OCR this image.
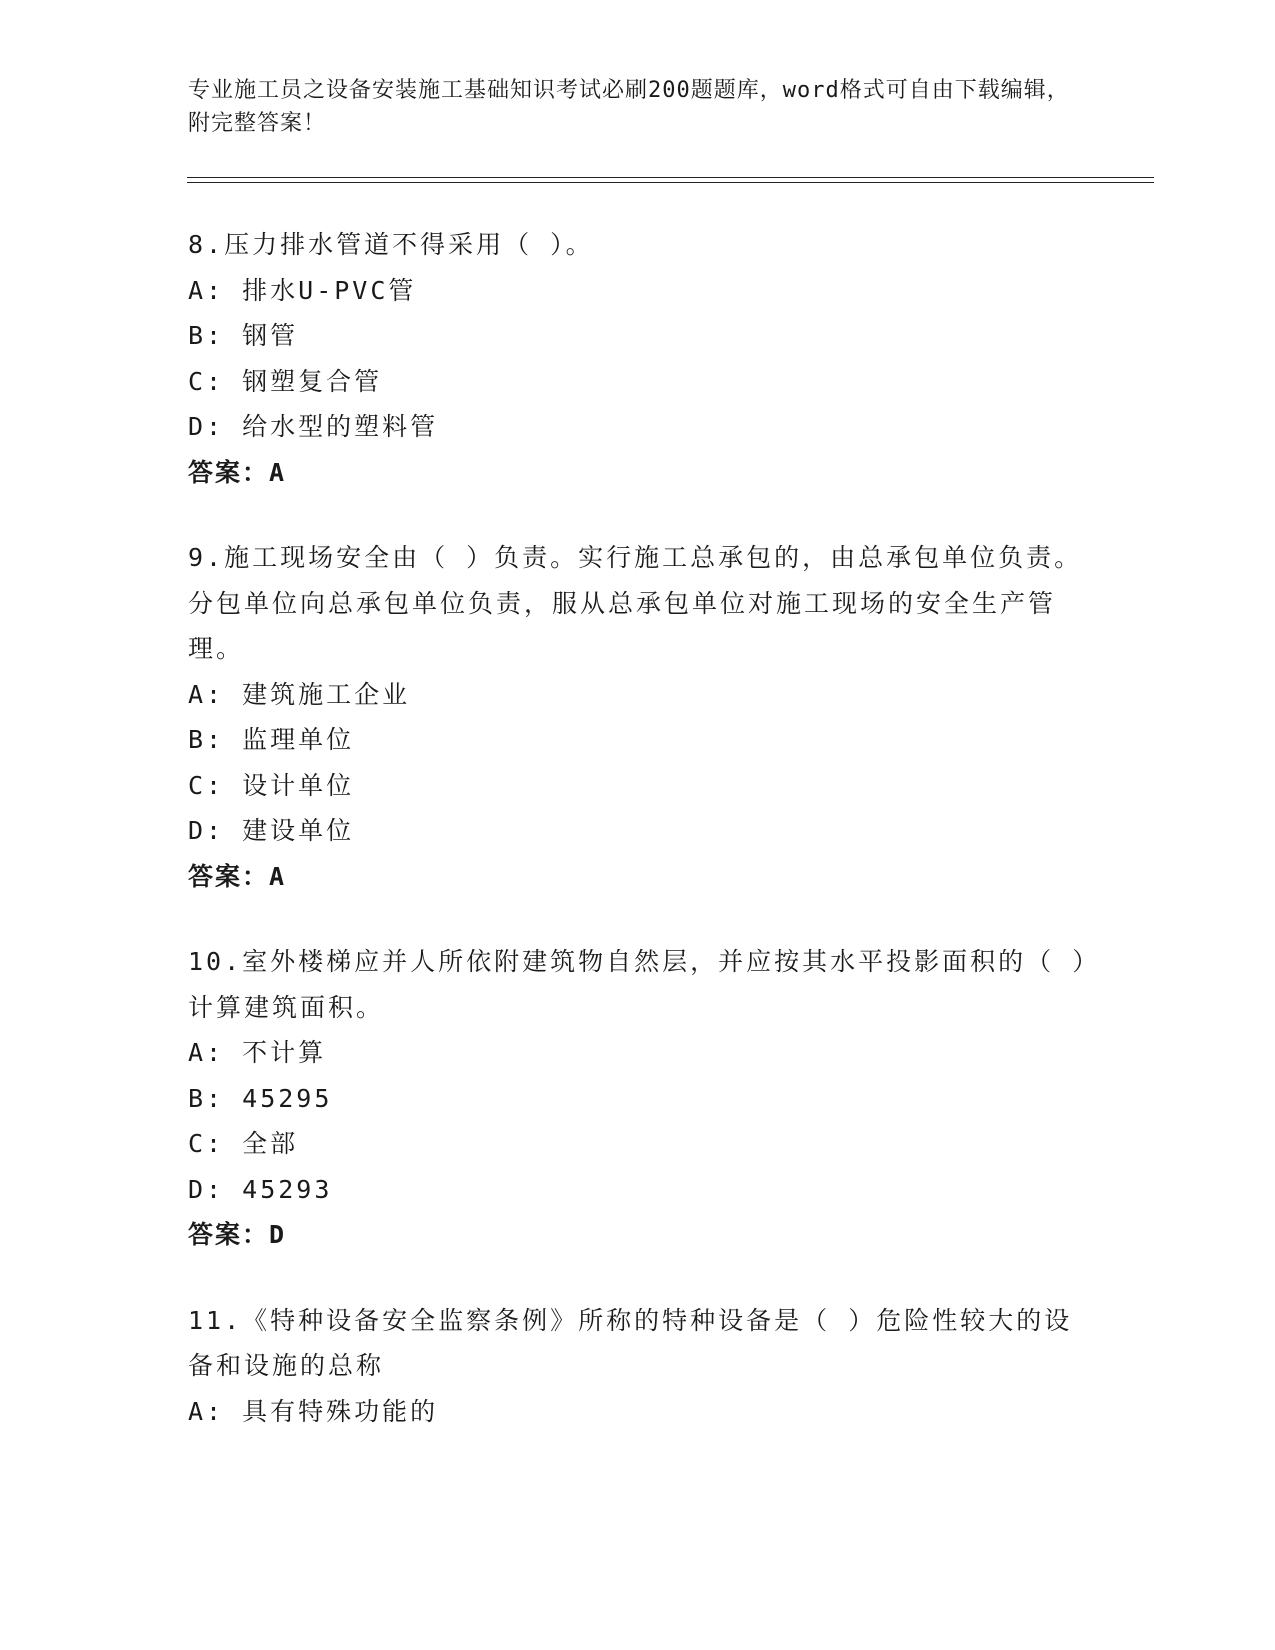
专业施工员之设备安装施工基础知识考试必刷200题题库，word格式可自由下载编辑，附完整答案！
8.压力排水管道不得采用（ ）。
A: 排水U-PVC管
B: 钢管
C: 钢塑复合管
D: 给水型的塑料管
答案：A
9.施工现场安全由（ ）负责。实行施工总承包的，由总承包单位负责。分包单位向总承包单位负责，服从总承包单位对施工现场的安全生产管理。
A: 建筑施工企业
B: 监理单位
C: 设计单位
D: 建设单位
答案：A
10.室外楼梯应并人所依附建筑物自然层，并应按其水平投影面积的（ ）计算建筑面积。
A: 不计算
B: 45295
C: 全部
D: 45293
答案：D
11.《特种设备安全监察条例》所称的特种设备是（ ）危险性较大的设备和设施的总称
A: 具有特殊功能的
